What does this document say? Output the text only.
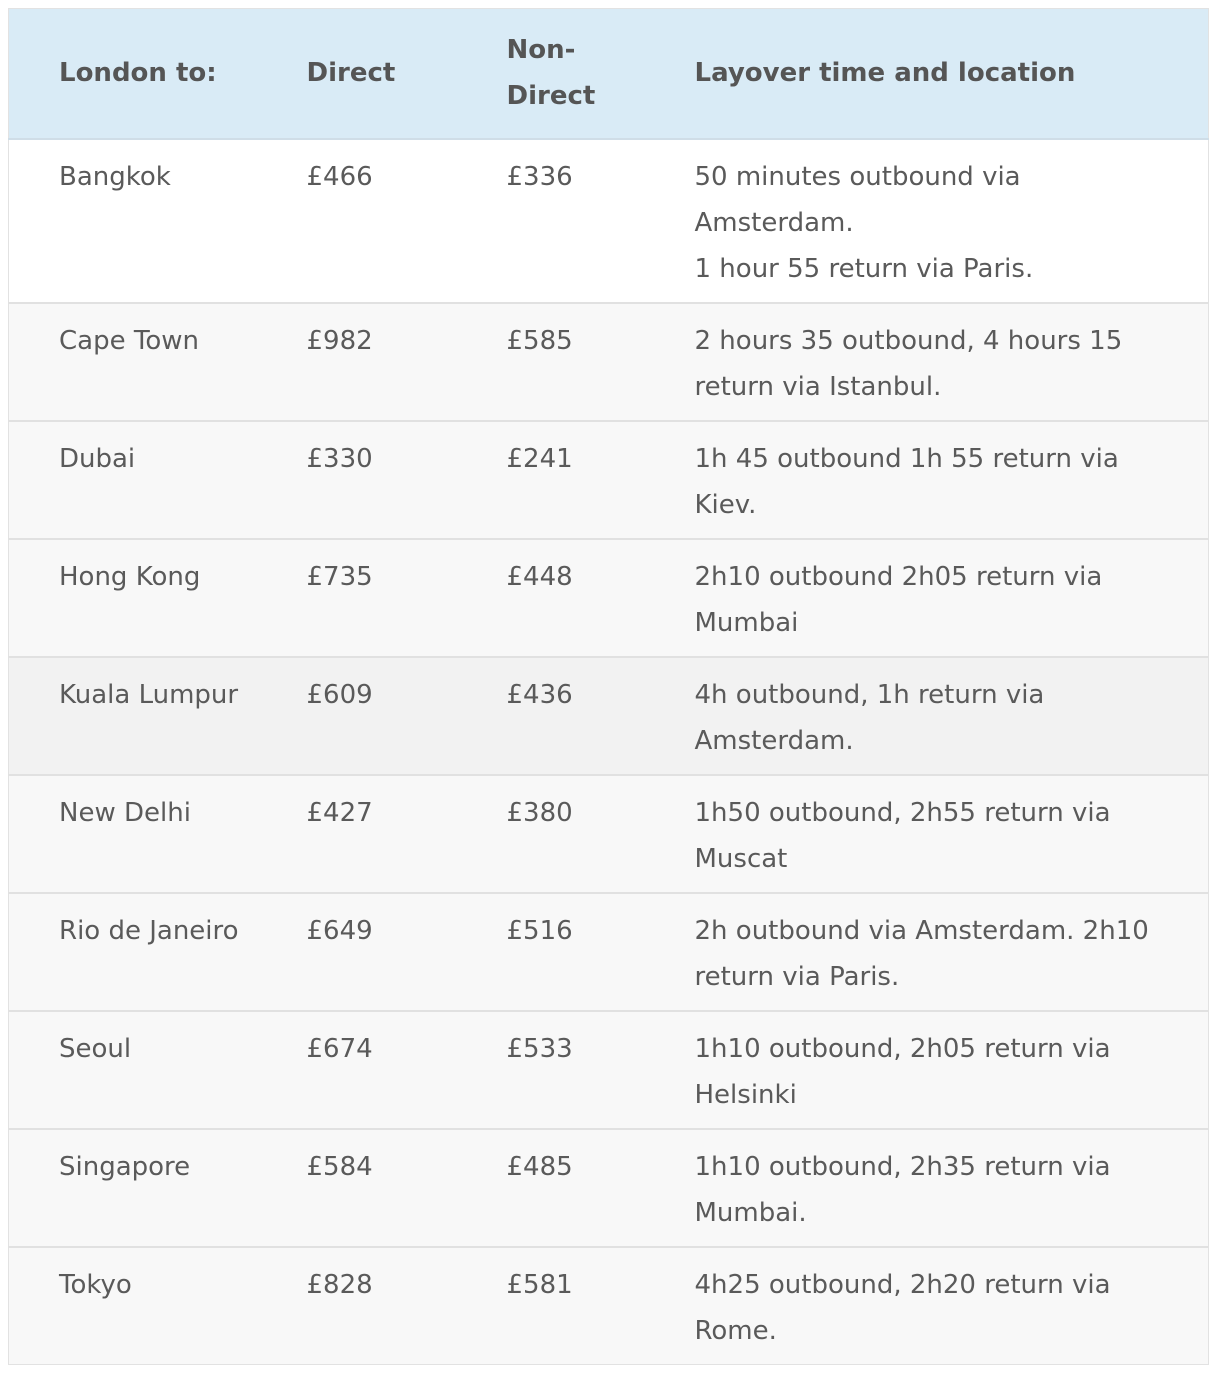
London to:	Direct	Non-Direct	Layover time and location
Bangkok	£466	£336	50 minutes outbound via Amsterdam.
1 hour 55 return via Paris.

Cape Town	£982	£585	2 hours 35 outbound, 4 hours 15 return via Istanbul.

Dubai	£330	£241	1h 45 outbound 1h 55 return via Kiev.

Hong Kong	£735	£448	2h10 outbound 2h05 return via Mumbai

Kuala Lumpur	£609	£436	4h outbound, 1h return via Amsterdam.

New Delhi	£427	£380	1h50 outbound, 2h55 return via Muscat

Rio de Janeiro	£649	£516	2h outbound via Amsterdam. 2h10 return via Paris.

Seoul	£674	£533	1h10 outbound, 2h05 return via Helsinki

Singapore	£584	£485	1h10 outbound, 2h35 return via Mumbai.

Tokyo	£828	£581	4h25 outbound, 2h20 return via Rome.
